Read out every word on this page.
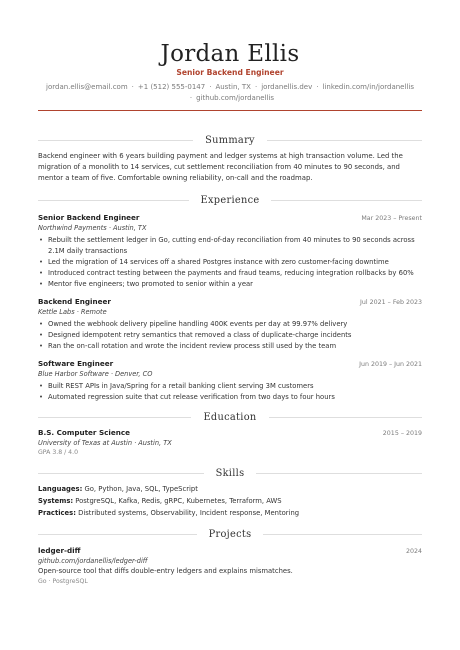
Jordan Ellis
Senior Backend Engineer
jordan.ellis@email.com · +1 (512) 555-0147 · Austin, TX · jordanellis.dev · linkedin.com/in/jordanellis
· github.com/jordanellis
Summary

Backend engineer with 6 years building payment and ledger systems at high transaction volume. Led the migration of a monolith to 14 services, cut settlement reconciliation from 40 minutes to 90 seconds, and mentor a team of five. Comfortable owning reliability, on-call and the roadmap.

Experience
Senior Backend Engineer	Mar 2023 – Present
Northwind Payments · Austin, TX
• Rebuilt the settlement ledger in Go, cutting end-of-day reconciliation from 40 minutes to 90 seconds across 2.1M daily transactions
• Led the migration of 14 services off a shared Postgres instance with zero customer-facing downtime
• Introduced contract testing between the payments and fraud teams, reducing integration rollbacks by 60%
• Mentor five engineers; two promoted to senior within a year
Backend Engineer	Jul 2021 – Feb 2023
Kettle Labs · Remote
• Owned the webhook delivery pipeline handling 400K events per day at 99.97% delivery
• Designed idempotent retry semantics that removed a class of duplicate-charge incidents
• Ran the on-call rotation and wrote the incident review process still used by the team
Software Engineer	Jun 2019 – Jun 2021
Blue Harbor Software · Denver, CO
• Built REST APIs in Java/Spring for a retail banking client serving 3M customers
• Automated regression suite that cut release verification from two days to four hours
Education
B.S. Computer Science	2015 – 2019
University of Texas at Austin · Austin, TX
GPA 3.8 / 4.0
Skills
Languages: Go, Python, Java, SQL, TypeScript
Systems: PostgreSQL, Kafka, Redis, gRPC, Kubernetes, Terraform, AWS
Practices: Distributed systems, Observability, Incident response, Mentoring
Projects
ledger-diff	2024
github.com/jordanellis/ledger-diff
Open-source tool that diffs double-entry ledgers and explains mismatches.
Go · PostgreSQL
